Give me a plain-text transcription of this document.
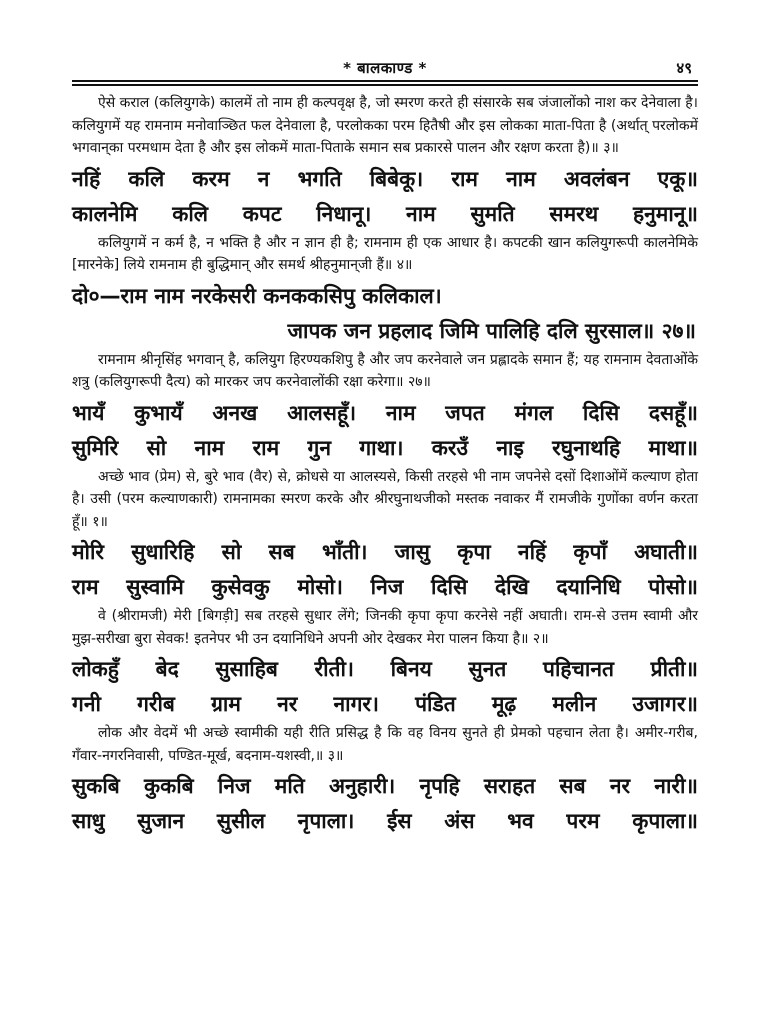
* बालकाण्ड *	४९

ऐसे कराल (कलियुगके) कालमें तो नाम ही कल्पवृक्ष है, जो स्मरण करते ही संसारके सब जंजालोंको नाश कर देनेवाला है। कलियुगमें यह रामनाम मनोवाञ्छित फल देनेवाला है, परलोकका परम हितैषी और इस लोकका माता-पिता है (अर्थात् परलोकमें भगवान्‌का परमधाम देता है और इस लोकमें माता-पिताके समान सब प्रकारसे पालन और रक्षण करता है)॥ ३॥

नहिं कलि करम न भगति बिबेकू। राम नाम अवलंबन एकू॥
कालनेमि कलि कपट निधानू। नाम सुमति समरथ हनुमानू॥

कलियुगमें न कर्म है, न भक्ति है और न ज्ञान ही है; रामनाम ही एक आधार है। कपटकी खान कलियुगरूपी कालनेमिके [मारनेके] लिये रामनाम ही बुद्धिमान् और समर्थ श्रीहनुमान्‌जी हैं॥ ४॥

दो०—राम नाम नरकेसरी कनककसिपु कलिकाल।
जापक जन प्रहलाद जिमि पालिहि दलि सुरसाल॥ २७॥

रामनाम श्रीनृसिंह भगवान् है, कलियुग हिरण्यकशिपु है और जप करनेवाले जन प्रह्लादके समान हैं; यह रामनाम देवताओंके शत्रु (कलियुगरूपी दैत्य) को मारकर जप करनेवालोंकी रक्षा करेगा॥ २७॥

भायँ कुभायँ अनख आलसहूँ। नाम जपत मंगल दिसि दसहूँ॥
सुमिरि सो नाम राम गुन गाथा। करउँ नाइ रघुनाथहि माथा॥

अच्छे भाव (प्रेम) से, बुरे भाव (वैर) से, क्रोधसे या आलस्यसे, किसी तरहसे भी नाम जपनेसे दसों दिशाओंमें कल्याण होता है। उसी (परम कल्याणकारी) रामनामका स्मरण करके और श्रीरघुनाथजीको मस्तक नवाकर मैं रामजीके गुणोंका वर्णन करता हूँ॥ १॥

मोरि सुधारिहि सो सब भाँती। जासु कृपा नहिं कृपाँ अघाती॥
राम सुस्वामि कुसेवकु मोसो। निज दिसि देखि दयानिधि पोसो॥

वे (श्रीरामजी) मेरी [बिगड़ी] सब तरहसे सुधार लेंगे; जिनकी कृपा कृपा करनेसे नहीं अघाती। राम-से उत्तम स्वामी और मुझ-सरीखा बुरा सेवक! इतनेपर भी उन दयानिधिने अपनी ओर देखकर मेरा पालन किया है॥ २॥

लोकहुँ बेद सुसाहिब रीती। बिनय सुनत पहिचानत प्रीती॥
गनी गरीब ग्राम नर नागर। पंडित मूढ़ मलीन उजागर॥

लोक और वेदमें भी अच्छे स्वामीकी यही रीति प्रसिद्ध है कि वह विनय सुनते ही प्रेमको पहचान लेता है। अमीर-गरीब, गँवार-नगरनिवासी, पण्डित-मूर्ख, बदनाम-यशस्वी,॥ ३॥

सुकबि कुकबि निज मति अनुहारी। नृपहि सराहत सब नर नारी॥
साधु सुजान सुसील नृपाला। ईस अंस भव परम कृपाला॥
